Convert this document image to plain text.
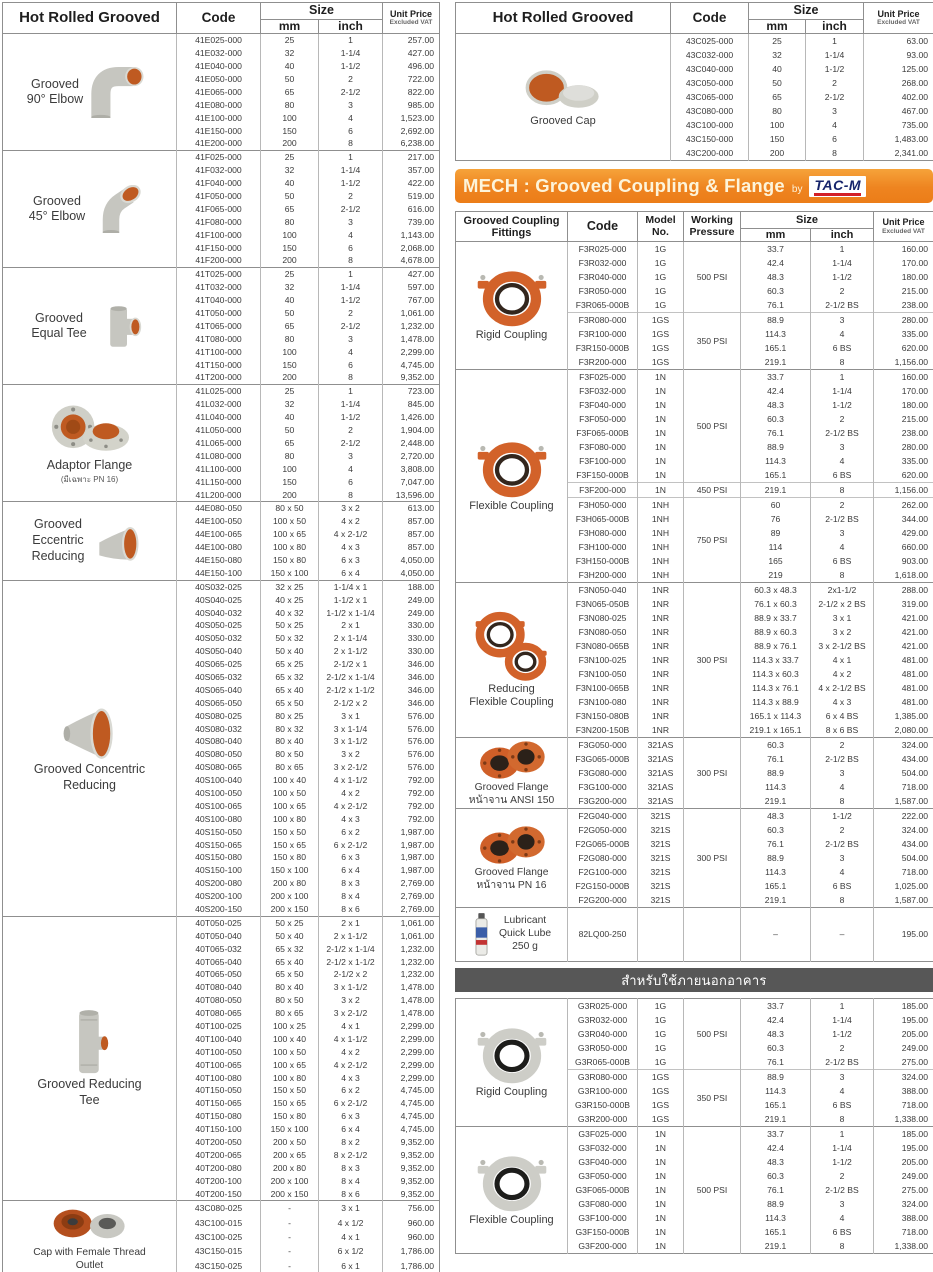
Hot Rolled Grooved	Code	Size		Unit Price
Excluded VAT

		mm	inch	

Grooved
90° Elbow	41E025-000	25	1	257.00
	41E032-000	32	1-1/4	427.00
	41E040-000	40	1-1/2	496.00
	41E050-000	50	2	722.00
	41E065-000	65	2-1/2	822.00
	41E080-000	80	3	985.00
	41E100-000	100	4	1,523.00
	41E150-000	150	6	2,692.00
	41E200-000	200	8	6,238.00

Grooved
45° Elbow	41F025-000	25	1	217.00
	41F032-000	32	1-1/4	357.00
	41F040-000	40	1-1/2	422.00
	41F050-000	50	2	519.00
	41F065-000	65	2-1/2	616.00
	41F080-000	80	3	739.00
	41F100-000	100	4	1,143.00
	41F150-000	150	6	2,068.00
	41F200-000	200	8	4,678.00

Grooved
Equal Tee	41T025-000	25	1	427.00
	41T032-000	32	1-1/4	597.00
	41T040-000	40	1-1/2	767.00
	41T050-000	50	2	1,061.00
	41T065-000	65	2-1/2	1,232.00
	41T080-000	80	3	1,478.00
	41T100-000	100	4	2,299.00
	41T150-000	150	6	4,745.00
	41T200-000	200	8	9,352.00

Adaptor Flange
(มีเฉพาะ PN 16)	41L025-000	25	1	723.00
	41L032-000	32	1-1/4	845.00
	41L040-000	40	1-1/2	1,426.00
	41L050-000	50	2	1,904.00
	41L065-000	65	2-1/2	2,448.00
	41L080-000	80	3	2,720.00
	41L100-000	100	4	3,808.00
	41L150-000	150	6	7,047.00
	41L200-000	200	8	13,596.00

Grooved
Eccentric
Reducing	44E080-050	80 x 50	3 x 2	613.00
	44E100-050	100 x 50	4 x 2	857.00
	44E100-065	100 x 65	4 x 2-1/2	857.00
	44E100-080	100 x 80	4 x 3	857.00
	44E150-080	150 x 80	6 x 3	4,050.00
	44E150-100	150 x 100	6 x 4	4,050.00

Grooved Concentric
Reducing	40S032-025	32 x 25	1-1/4 x 1	188.00
	40S040-025	40 x 25	1-1/2 x 1	249.00
	40S040-032	40 x 32	1-1/2 x 1-1/4	249.00
	40S050-025	50 x 25	2 x 1	330.00
	40S050-032	50 x 32	2 x 1-1/4	330.00
	40S050-040	50 x 40	2 x 1-1/2	330.00
	40S065-025	65 x 25	2-1/2 x 1	346.00
	40S065-032	65 x 32	2-1/2 x 1-1/4	346.00
	40S065-040	65 x 40	2-1/2 x 1-1/2	346.00
	40S065-050	65 x 50	2-1/2 x 2	346.00
	40S080-025	80 x 25	3 x 1	576.00
	40S080-032	80 x 32	3 x 1-1/4	576.00
	40S080-040	80 x 40	3 x 1-1/2	576.00
	40S080-050	80 x 50	3 x 2	576.00
	40S080-065	80 x 65	3 x 2-1/2	576.00
	40S100-040	100 x 40	4 x 1-1/2	792.00
	40S100-050	100 x 50	4 x 2	792.00
	40S100-065	100 x 65	4 x 2-1/2	792.00
	40S100-080	100 x 80	4 x 3	792.00
	40S150-050	150 x 50	6 x 2	1,987.00
	40S150-065	150 x 65	6 x 2-1/2	1,987.00
	40S150-080	150 x 80	6 x 3	1,987.00
	40S150-100	150 x 100	6 x 4	1,987.00
	40S200-080	200 x 80	8 x 3	2,769.00
	40S200-100	200 x 100	8 x 4	2,769.00
	40S200-150	200 x 150	8 x 6	2,769.00

Grooved Reducing
Tee	40T050-025	50 x 25	2 x 1	1,061.00
	40T050-040	50 x 40	2 x 1-1/2	1,061.00
	40T065-032	65 x 32	2-1/2 x 1-1/4	1,232.00
	40T065-040	65 x 40	2-1/2 x 1-1/2	1,232.00
	40T065-050	65 x 50	2-1/2 x 2	1,232.00
	40T080-040	80 x 40	3 x 1-1/2	1,478.00
	40T080-050	80 x 50	3 x 2	1,478.00
	40T080-065	80 x 65	3 x 2-1/2	1,478.00
	40T100-025	100 x 25	4 x 1	2,299.00
	40T100-040	100 x 40	4 x 1-1/2	2,299.00
	40T100-050	100 x 50	4 x 2	2,299.00
	40T100-065	100 x 65	4 x 2-1/2	2,299.00
	40T100-080	100 x 80	4 x 3	2,299.00
	40T150-050	150 x 50	6 x 2	4,745.00
	40T150-065	150 x 65	6 x 2-1/2	4,745.00
	40T150-080	150 x 80	6 x 3	4,745.00
	40T150-100	150 x 100	6 x 4	4,745.00
	40T200-050	200 x 50	8 x 2	9,352.00
	40T200-065	200 x 65	8 x 2-1/2	9,352.00
	40T200-080	200 x 80	8 x 3	9,352.00
	40T200-100	200 x 100	8 x 4	9,352.00
	40T200-150	200 x 150	8 x 6	9,352.00

Cap with Female Thread
Outlet	43C080-025	-	3 x 1	756.00
	43C100-015	-	4 x 1/2	960.00
	43C100-025	-	4 x 1	960.00
	43C150-015	-	6 x 1/2	1,786.00
	43C150-025	-	6 x 1	1,786.00
Hot Rolled Grooved	Code	Size		Unit Price
Excluded VAT

		mm	inch	

Grooved Cap	43C025-000	25	1	63.00
	43C032-000	32	1-1/4	93.00
	43C040-000	40	1-1/2	125.00
	43C050-000	50	2	268.00
	43C065-000	65	2-1/2	402.00
	43C080-000	80	3	467.00
	43C100-000	100	4	735.00
	43C150-000	150	6	1,483.00
	43C200-000	200	8	2,341.00
MECH : Grooved Coupling & Flange by TAC-M
Grooved Coupling
Fittings	Code	Model
No.

Working
Pressure
	Size	Unit Price
Excluded VAT

				mm	inch	

Rigid Coupling	F3R025-000	1G	500 PSI	33.7	1	160.00
	F3R032-000	1G		42.4	1-1/4	170.00
	F3R040-000	1G		48.3	1-1/2	180.00
	F3R050-000	1G		60.3	2	215.00
	F3R065-000B	1G		76.1	2-1/2 BS	238.00
	F3R080-000	1GS	350 PSI	88.9	3	280.00
	F3R100-000	1GS		114.3	4	335.00
	F3R150-000B	1GS		165.1	6 BS	620.00
	F3R200-000	1GS		219.1	8	1,156.00

Flexible Coupling	F3F025-000	1N	500 PSI	33.7	1	160.00
	F3F032-000	1N		42.4	1-1/4	170.00
	F3F040-000	1N		48.3	1-1/2	180.00
	F3F050-000	1N		60.3	2	215.00
	F3F065-000B	1N		76.1	2-1/2 BS	238.00
	F3F080-000	1N		88.9	3	280.00
	F3F100-000	1N		114.3	4	335.00
	F3F150-000B	1N		165.1	6 BS	620.00
	F3F200-000	1N	450 PSI	219.1	8	1,156.00
	F3H050-000	1NH	750 PSI	60	2	262.00
	F3H065-000B	1NH		76	2-1/2 BS	344.00
	F3H080-000	1NH		89	3	429.00
	F3H100-000	1NH		114	4	660.00
	F3H150-000B	1NH		165	6 BS	903.00
	F3H200-000	1NH		219	8	1,618.00

Reducing
Flexible Coupling	F3N050-040	1NR	300 PSI	60.3 x 48.3	2x1-1/2	288.00
	F3N065-050B	1NR		76.1 x 60.3	2-1/2 x 2 BS	319.00
	F3N080-025	1NR		88.9 x 33.7	3 x 1	421.00
	F3N080-050	1NR		88.9 x 60.3	3 x 2	421.00
	F3N080-065B	1NR		88.9 x 76.1	3 x 2-1/2 BS	421.00
	F3N100-025	1NR		114.3 x 33.7	4 x 1	481.00
	F3N100-050	1NR		114.3 x 60.3	4 x 2	481.00
	F3N100-065B	1NR		114.3 x 76.1	4 x 2-1/2 BS	481.00
	F3N100-080	1NR		114.3 x 88.9	4 x 3	481.00
	F3N150-080B	1NR		165.1 x 114.3	6 x 4 BS	1,385.00
	F3N200-150B	1NR		219.1 x 165.1	8 x 6 BS	2,080.00

Grooved Flange
หน้าจาน ANSI 150	F3G050-000	321AS	300 PSI	60.3	2	324.00
	F3G065-000B	321AS		76.1	2-1/2 BS	434.00
	F3G080-000	321AS		88.9	3	504.00
	F3G100-000	321AS		114.3	4	718.00
	F3G200-000	321AS		219.1	8	1,587.00

Grooved Flange
หน้าจาน PN 16	F2G040-000	321S	300 PSI	48.3	1-1/2	222.00
	F2G050-000	321S		60.3	2	324.00
	F2G065-000B	321S		76.1	2-1/2 BS	434.00
	F2G080-000	321S		88.9	3	504.00
	F2G100-000	321S		114.3	4	718.00
	F2G150-000B	321S		165.1	6 BS	1,025.00
	F2G200-000	321S		219.1	8	1,587.00

Lubricant
Quick Lube
250 g	82LQ00-250			–	–	195.00
สำหรับใช้ภายนอกอาคาร
Rigid Coupling	G3R025-000	1G	500 PSI	33.7	1	185.00
	G3R032-000	1G		42.4	1-1/4	195.00
	G3R040-000	1G		48.3	1-1/2	205.00
	G3R050-000	1G		60.3	2	249.00
	G3R065-000B	1G		76.1	2-1/2 BS	275.00
	G3R080-000	1GS	350 PSI	88.9	3	324.00
	G3R100-000	1GS		114.3	4	388.00
	G3R150-000B	1GS		165.1	6 BS	718.00
	G3R200-000	1GS		219.1	8	1,338.00

Flexible Coupling	G3F025-000	1N	500 PSI	33.7	1	185.00
	G3F032-000	1N		42.4	1-1/4	195.00
	G3F040-000	1N		48.3	1-1/2	205.00
	G3F050-000	1N		60.3	2	249.00
	G3F065-000B	1N		76.1	2-1/2 BS	275.00
	G3F080-000	1N		88.9	3	324.00
	G3F100-000	1N		114.3	4	388.00
	G3F150-000B	1N		165.1	6 BS	718.00
	G3F200-000	1N		219.1	8	1,338.00
